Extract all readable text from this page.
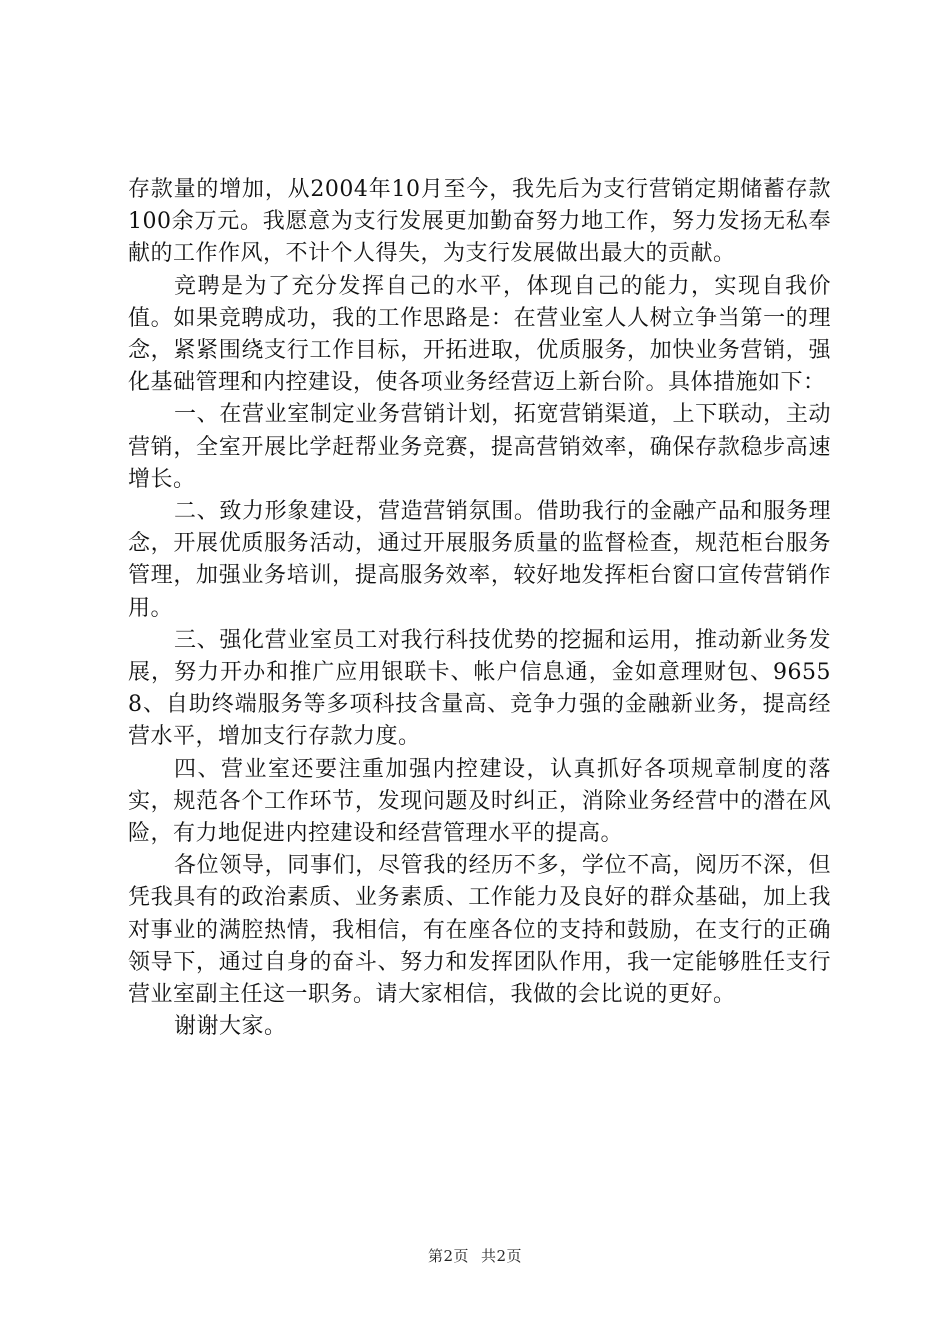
存款量的增加，从2004年10月至今，我先后为支行营销定期储蓄存款100余万元。我愿意为支行发展更加勤奋努力地工作，努力发扬无私奉献的工作作风，不计个人得失，为支行发展做出最大的贡献。

竞聘是为了充分发挥自己的水平，体现自己的能力，实现自我价值。如果竞聘成功，我的工作思路是：在营业室人人树立争当第一的理念，紧紧围绕支行工作目标，开拓进取，优质服务，加快业务营销，强化基础管理和内控建设，使各项业务经营迈上新台阶。具体措施如下：

一、在营业室制定业务营销计划，拓宽营销渠道，上下联动，主动营销，全室开展比学赶帮业务竞赛，提高营销效率，确保存款稳步高速增长。

二、致力形象建设，营造营销氛围。借助我行的金融产品和服务理念，开展优质服务活动，通过开展服务质量的监督检查，规范柜台服务管理，加强业务培训，提高服务效率，较好地发挥柜台窗口宣传营销作用。

三、强化营业室员工对我行科技优势的挖掘和运用，推动新业务发展，努力开办和推广应用银联卡、帐户信息通，金如意理财包、96558、自助终端服务等多项科技含量高、竞争力强的金融新业务，提高经营水平，增加支行存款力度。

四、营业室还要注重加强内控建设，认真抓好各项规章制度的落实，规范各个工作环节，发现问题及时纠正，消除业务经营中的潜在风险，有力地促进内控建设和经营管理水平的提高。

各位领导，同事们，尽管我的经历不多，学位不高，阅历不深，但凭我具有的政治素质、业务素质、工作能力及良好的群众基础，加上我对事业的满腔热情，我相信，有在座各位的支持和鼓励，在支行的正确领导下，通过自身的奋斗、努力和发挥团队作用，我一定能够胜任支行营业室副主任这一职务。请大家相信，我做的会比说的更好。

谢谢大家。

第2页 共2页
